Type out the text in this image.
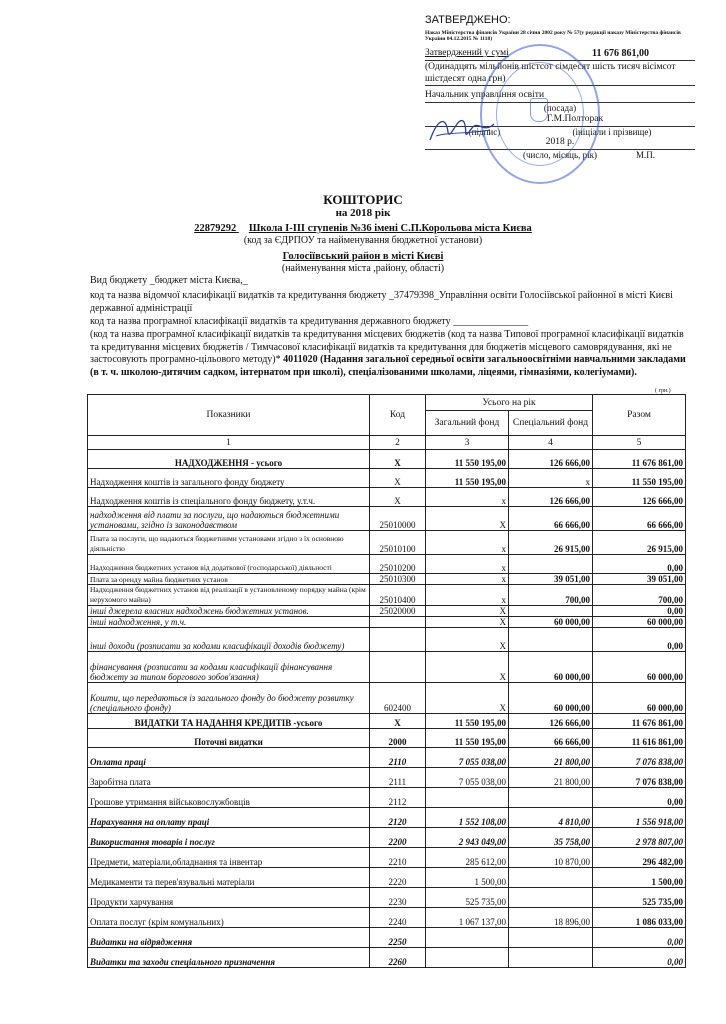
ЗАТВЕРДЖЕНО:
Наказ Міністерства фінансів України 28 січня 2002 року № 57(у редакції наказу Міністерства фінансів України 04.12.2015 № 1118)
Затверджений у сумі	11 676 861,00
(Одинадцять мільйонів шістсот сімдесят шість тисяч вісімсот
шістдесят одна грн)
Начальник управління освіти
(посада)
Г.М.Полторак
(підпис)	(ініціали і прізвище)
2018 р.
(число, місяць, рік)	М.П.
КОШТОРИС
на 2018 рік
22879292 Школа І-ІІІ ступенів №36 імені С.П.Корольова міста Києва
(код за ЄДРПОУ та найменування бюджетної установи)
Голосіївський район в місті Києві
(найменування міста ,району, області)
Вид бюджету _бюджет міста Києва,_
код та назва відомчої класифікації видатків та кредитування бюджету _37479398_Управління освіти Голосіївської районної в місті Києві державної адміністрації
код та назва програмної класифікації видатків та кредитування державного бюджету _______________
(код та назва програмної класифікації видатків та кредитування місцевих бюджетів (код та назва Типової програмної класифікації видатків та кредитування місцевих бюджетів / Тимчасової класифікації видатків та кредитування для бюджетів місцевого самоврядування, які не застосовують програмно-цільового методу)* 4011020 (Надання загальної середньої освіти загальноосвітніми навчальними закладами (в т. ч. школою-дитячим садком, інтернатом при школі), спеціалізованими школами, ліцеями, гімназіями, колегіумами).
( грн.)
Показники	Код	Усього на рік		Разом
		Загальний фонд	Спеціальний фонд	
1	2	3	4	5
НАДХОДЖЕННЯ - усього	X	11 550 195,00	126 666,00	11 676 861,00
Надходження коштів із загального фонду бюджету	X	11 550 195,00	x	11 550 195,00
Надходження коштів із спеціального фонду бюджету, у.т.ч.	X	x	126 666,00	126 666,00
надходження від плати за послуги, що надаються бюджетними установами, згідно із законодавством	25010000	X	66 666,00	66 666,00
Плата за послуги, що надаються бюджетними установами згідно з їх основною діяльністю	25010100	x	26 915,00	26 915,00
Надходження бюджетних установ від додаткової (господарської) діяльності	25010200	x		0,00
Плата за оренду майна бюджетних установ	25010300	x	39 051,00	39 051,00
Надходження бюджетних установ від реалізації в установленому порядку майна (крім нерухомого майна)	25010400	x	700,00	700,00
інші джерела власних надходжень бюджетних установ.	25020000	X		0,00
інші надходження, у т.ч.		X	60 000,00	60 000,00
інші доходи (розписати за кодами класифікації доходів бюджету)		X		0,00
фінансування (розписати за кодами класифікації фінансування бюджету за типом боргового зобов'язання)		X	60 000,00	60 000,00
Кошти, що передаються із загального фонду до бюджету розвитку (спеціального фонду)	602400	X	60 000,00	60 000,00
ВИДАТКИ ТА НАДАННЯ КРЕДИТІВ -усього	X	11 550 195,00	126 666,00	11 676 861,00
Поточні видатки	2000	11 550 195,00	66 666,00	11 616 861,00
Оплата праці	2110	7 055 038,00	21 800,00	7 076 838,00
Заробітна плата	2111	7 055 038,00	21 800,00	7 076 838,00
Грошове утримання військовослужбовців	2112			0,00
Нарахування на оплату праці	2120	1 552 108,00	4 810,00	1 556 918,00
Використання товарів і послуг	2200	2 943 049,00	35 758,00	2 978 807,00
Предмети, матеріали,обладнання та інвентар	2210	285 612,00	10 870,00	296 482,00
Медикаменти та перев'язувальні матеріали	2220	1 500,00		1 500,00
Продукти харчування	2230	525 735,00		525 735,00
Оплата послуг (крім комунальних)	2240	1 067 137,00	18 896,00	1 086 033,00
Видатки на відрядження	2250			0,00
Видатки та заходи спеціального призначення	2260			0,00
